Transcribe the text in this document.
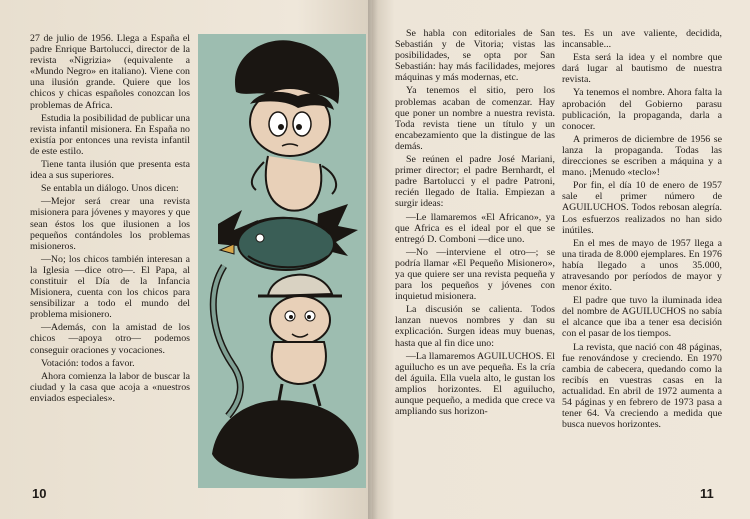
27 de julio de 1956. Llega a España el padre Enrique Bartolucci, director de la revista «Nigrizia» (equivalente a «Mundo Negro» en italiano). Viene con una ilusión grande. Quiere que los chicos y chicas españoles conozcan los problemas de Africa.

Estudia la posibilidad de publicar una revista infantil misionera. En España no existía por entonces una revista infantil de este estilo.

Tiene tanta ilusión que presenta esta idea a sus superiores.

Se entabla un diálogo. Unos dicen:

—Mejor será crear una revista misionera para jóvenes y mayores y que sean éstos los que ilusionen a los pequeños contándoles los problemas misioneros.

—No; los chicos también interesan a la Iglesia —dice otro—. El Papa, al constituir el Día de la Infancia Misionera, cuenta con los chicos para sensibilizar a todo el mundo del problema misionero.

—Además, con la amistad de los chicos —apoya otro— podemos conseguir oraciones y vocaciones.

Votación: todos a favor.

Ahora comienza la labor de buscar la ciudad y la casa que acoja a «nuestros enviados especiales».

10

Se habla con editoriales de San Sebastián y de Vitoria; vistas las posibilidades, se opta por San Sebastián: hay más facilidades, mejores máquinas y más modernas, etc.

Ya tenemos el sitio, pero los problemas acaban de comenzar. Hay que poner un nombre a nuestra revista. Toda revista tiene un título y un encabezamiento que la distingue de las demás.

Se reúnen el padre José Mariani, primer director; el padre Bernhardt, el padre Bartolucci y el padre Patroni, recién llegado de Italia. Empiezan a surgir ideas:

—Le llamaremos «El Africano», ya que Africa es el ideal por el que se entregó D. Comboni —dice uno.

—No —interviene el otro—; se podría llamar «El Pequeño Misionero», ya que quiere ser una revista pequeña y para los pequeños y jóvenes con inquietud misionera.

La discusión se calienta. Todos lanzan nuevos nombres y dan su explicación. Surgen ideas muy buenas, hasta que al fin dice uno:

—La llamaremos AGUILUCHOS. El aguilucho es un ave pequeña. Es la cría del águila. Ella vuela alto, le gustan los amplios horizontes. El aguilucho, aunque pequeño, a medida que crece va ampliando sus horizon-

tes. Es un ave valiente, decidida, incansable...

Esta será la idea y el nombre que dará lugar al bautismo de nuestra revista.

Ya tenemos el nombre. Ahora falta la aprobación del Gobierno parasu publicación, la propaganda, darla a conocer.

A primeros de diciembre de 1956 se lanza la propaganda. Todas las direcciones se escriben a máquina y a mano. ¡Menudo «teclo»!

Por fin, el día 10 de enero de 1957 sale el primer número de AGUILUCHOS. Todos rebosan alegría. Los esfuerzos realizados no han sido inútiles.

En el mes de mayo de 1957 llega a una tirada de 8.000 ejemplares. En 1976 había llegado a unos 35.000, atravesando por períodos de mayor y menor éxito.

El padre que tuvo la iluminada idea del nombre de AGUILUCHOS no sabía el alcance que iba a tener esa decisión con el pasar de los tiempos.

La revista, que nació con 48 páginas, fue renovándose y creciendo. En 1970 cambia de cabecera, quedando como la recibís en vuestras casas en la actualidad. En abril de 1972 aumenta a 54 páginas y en febrero de 1973 pasa a tener 64. Va creciendo a medida que busca nuevos horizontes.

11
